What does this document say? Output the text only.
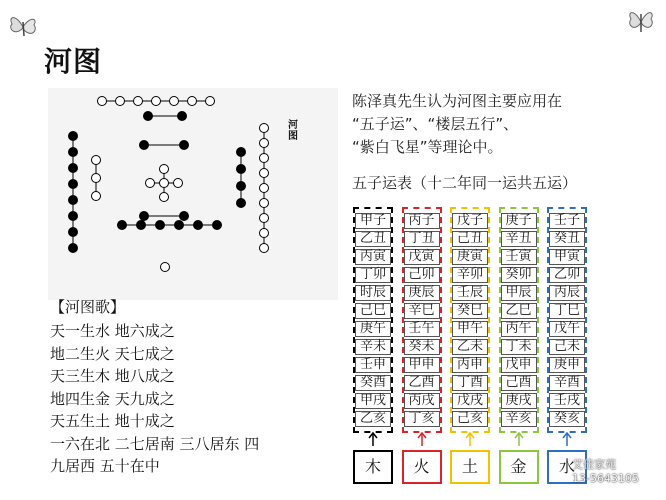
河图
河
图
【河图歌】
天一生水 地六成之
地二生火 天七成之
天三生木 地八成之
地四生金 天九成之
天五生土 地十成之
一六在北 二七居南 三八居东 四
九居西 五十在中
陈泽真先生认为河图主要应用在
“五子运”、“楼层五行”、
“紫白飞星”等理论中。
五子运表（十二年同一运共五运）
甲子
乙丑
丙寅
丁卯
时辰
己巳
庚午
辛未
壬申
癸酉
甲戌
乙亥
木
丙子
丁丑
戊寅
己卯
庚辰
辛巳
壬午
癸未
甲申
乙酉
丙戌
丁亥
火
戊子
己丑
庚寅
辛卯
壬辰
癸巳
甲午
乙未
丙申
丁酉
戊戌
己亥
土
庚子
辛丑
壬寅
癸卯
甲辰
乙巳
丙午
丁未
戊申
己酉
庚戌
辛亥
金
壬子
癸丑
甲寅
乙卯
丙辰
丁巳
戊午
己未
庚申
辛酉
壬戌
癸亥
水
艾佳家苑
13-5643105
